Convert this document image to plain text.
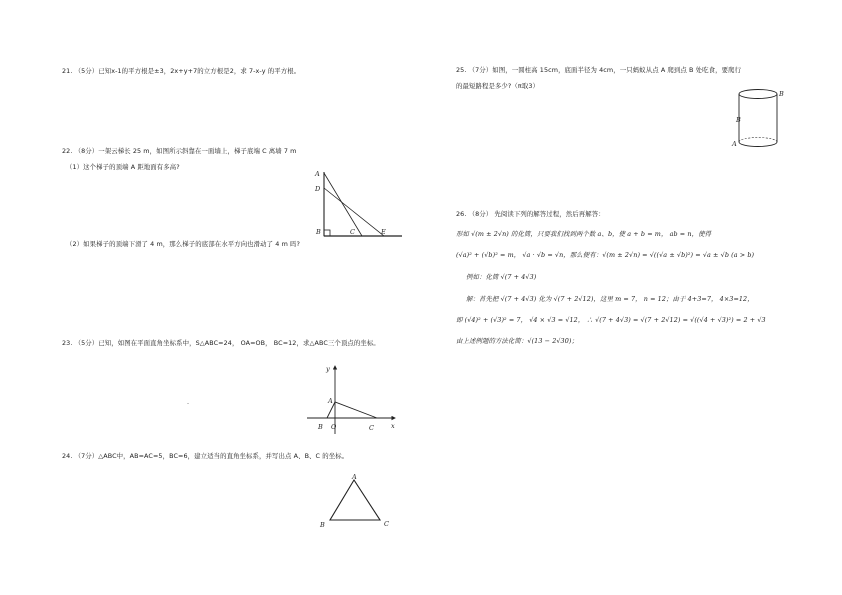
21. （5分）已知x-1的平方根是±3，2x+y+7的立方根是2，求 7-x-y 的平方根。
22. （8分）一架云梯长 25 m，如图所示斜靠在一面墙上，梯子底端 C 离墙 7 m
（1）这个梯子的顶端 A 距地面有多高?
（2）如果梯子的顶端下滑了 4 m，那么梯子的底部在水平方向也滑动了 4 m 吗?
A
D
B	C	E
23. （5分）已知，如图在平面直角坐标系中，S△ABC=24， OA=OB， BC=12，求△ABC三个顶点的坐标。
y
x
A
B O	C
.
24. （7分）△ABC中，AB=AC=5，BC=6，建立适当的直角坐标系，并写出点 A、B、C 的坐标。
A
B	C
25. （7分）如图，一圆柱高 15cm，底面半径为 4cm，一只蚂蚁从点 A 爬到点 B 处吃食，要爬行
的最短路程是多少?（π取3）
B
B
A
26. （8分） 先阅读下列的解答过程，然后再解答：
形如 √(m ± 2√n) 的化简，只要我们找到两个数 a、b，使 a + b = m， ab = n，使得
(√a)² + (√b)² = m， √a · √b = √n，那么便有：√(m ± 2√n) = √((√a ± √b)²) = √a ± √b (a > b)
例如：化简 √(7 + 4√3)
解：首先把 √(7 + 4√3) 化为 √(7 + 2√12)，这里 m = 7， n = 12；由于 4+3=7， 4×3=12，
即 (√4)² + (√3)² = 7， √4 × √3 = √12， ∴ √(7 + 4√3) = √(7 + 2√12) = √((√4 + √3)²) = 2 + √3
由上述例题的方法化简：√(13 − 2√30)；
